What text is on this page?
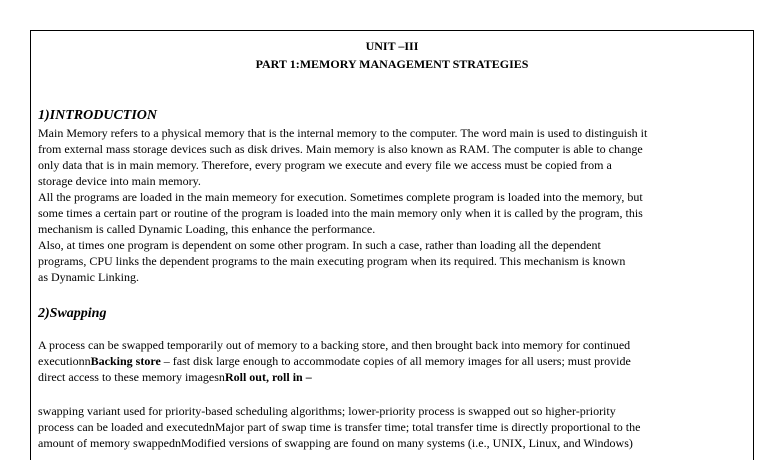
UNIT –III
PART 1:MEMORY MANAGEMENT STRATEGIES
1)INTRODUCTION
Main Memory refers to a physical memory that is the internal memory to the computer. The word main is used to distinguish it
from external mass storage devices such as disk drives. Main memory is also known as RAM. The computer is able to change
only data that is in main memory. Therefore, every program we execute and every file we access must be copied from a
storage device into main memory.
All the programs are loaded in the main memeory for execution. Sometimes complete program is loaded into the memory, but
some times a certain part or routine of the program is loaded into the main memory only when it is called by the program, this
mechanism is called Dynamic Loading, this enhance the performance.
Also, at times one program is dependent on some other program. In such a case, rather than loading all the dependent
programs, CPU links the dependent programs to the main executing program when its required. This mechanism is known
as Dynamic Linking.
2)Swapping
A process can be swapped temporarily out of memory to a backing store, and then brought back into memory for continued
executionnBacking store – fast disk large enough to accommodate copies of all memory images for all users; must provide
direct access to these memory imagesnRoll out, roll in –
swapping variant used for priority-based scheduling algorithms; lower-priority process is swapped out so higher-priority
process can be loaded and executednMajor part of swap time is transfer time; total transfer time is directly proportional to the
amount of memory swappednModified versions of swapping are found on many systems (i.e., UNIX, Linux, and Windows)
